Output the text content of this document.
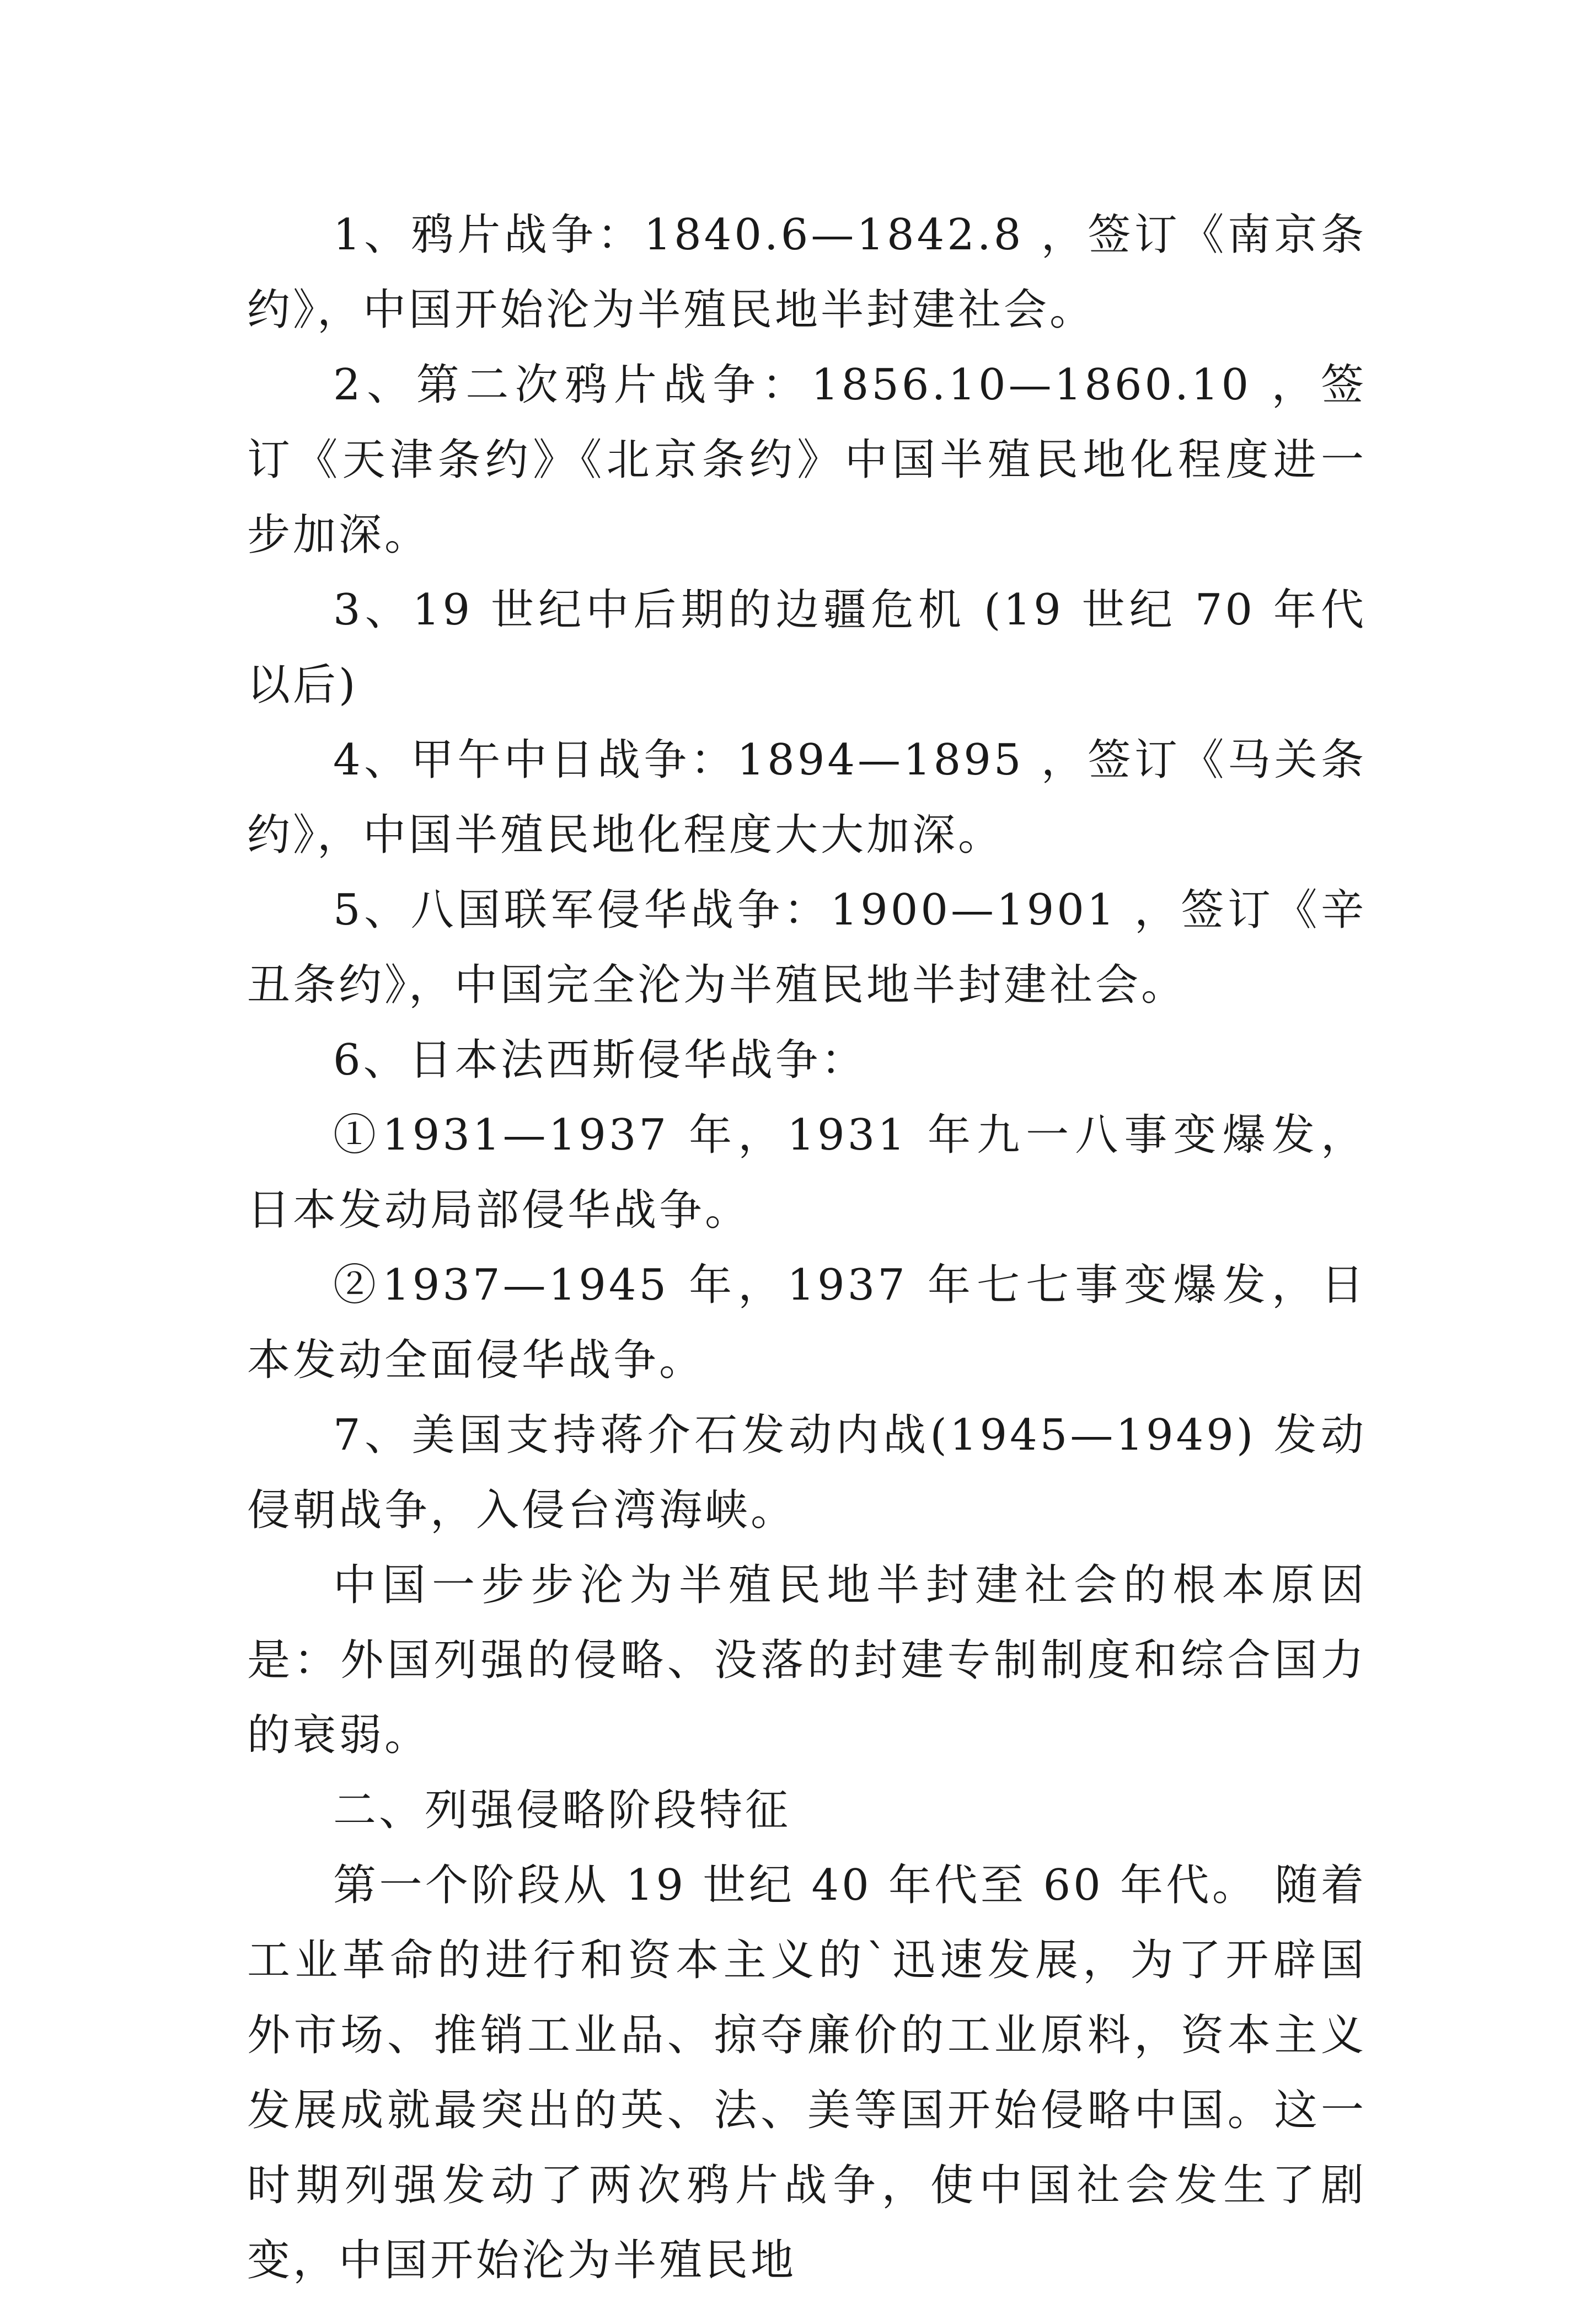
1、鸦片战争：1840.6—1842.8 ，签订《南京条约》，中国开始沦为半殖民地半封建社会。

2、第二次鸦片战争：1856.10—1860.10 ，签订《天津条约》《北京条约》中国半殖民地化程度进一步加深。

3、19 世纪中后期的边疆危机 (19 世纪 70 年代以后)

4、甲午中日战争：1894—1895 ，签订《马关条约》，中国半殖民地化程度大大加深。

5、八国联军侵华战争：1900—1901 ，签订《辛丑条约》，中国完全沦为半殖民地半封建社会。

6、日本法西斯侵华战争：

①1931—1937 年，1931 年九一八事变爆发，日本发动局部侵华战争。

②1937—1945 年，1937 年七七事变爆发，日本发动全面侵华战争。

7、美国支持蒋介石发动内战(1945—1949) 发动侵朝战争，入侵台湾海峡。

中国一步步沦为半殖民地半封建社会的根本原因是：外国列强的侵略、没落的封建专制制度和综合国力的衰弱。

二、列强侵略阶段特征

第一个阶段从 19 世纪 40 年代至 60 年代。 随着工业革命的进行和资本主义的`迅速发展，为了开辟国外市场、推销工业品、掠夺廉价的工业原料，资本主义发展成就最突出的英、法、美等国开始侵略中国。这一时期列强发动了两次鸦片战争，使中国社会发生了剧变，中国开始沦为半殖民地
